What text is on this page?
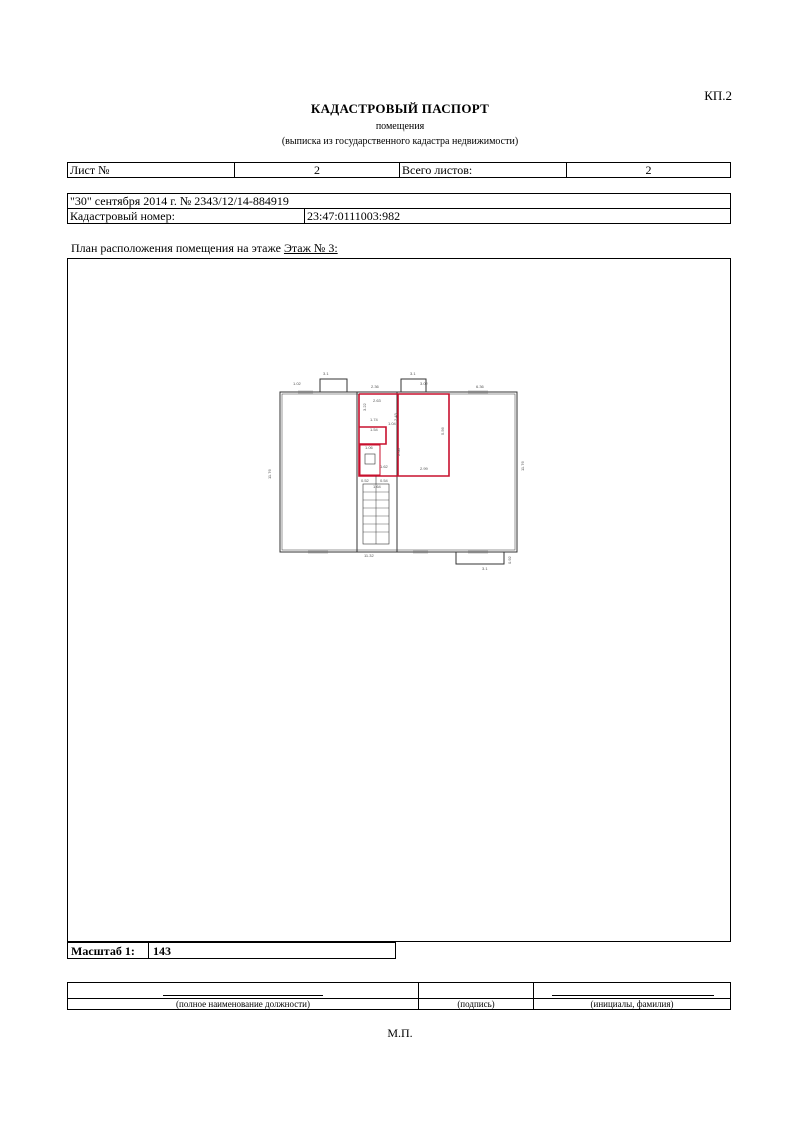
КП.2
КАДАСТРОВЫЙ ПАСПОРТ
помещения
(выписка из государственного кадастра недвижимости)
Лист №	2	Всего листов:	2
"30" сентября 2014 г. № 2343/12/14-884919
Кадастровый номер:	23:47:0111003:982
План расположения помещения на этаже Этаж № 3:
3.1
1.02
2.36
3.1
3.02
6.36
11.76
11.76
2.63
3.22
1.74
1.54
2.43
5.56
1.04
1.06
1.62
2.00
2.99
0.52	0.54
1.64
11.32
3.1
0.92
Масштаб 1: 143

(полное наименование должности)	(подпись)	(инициалы, фамилия)
М.П.
